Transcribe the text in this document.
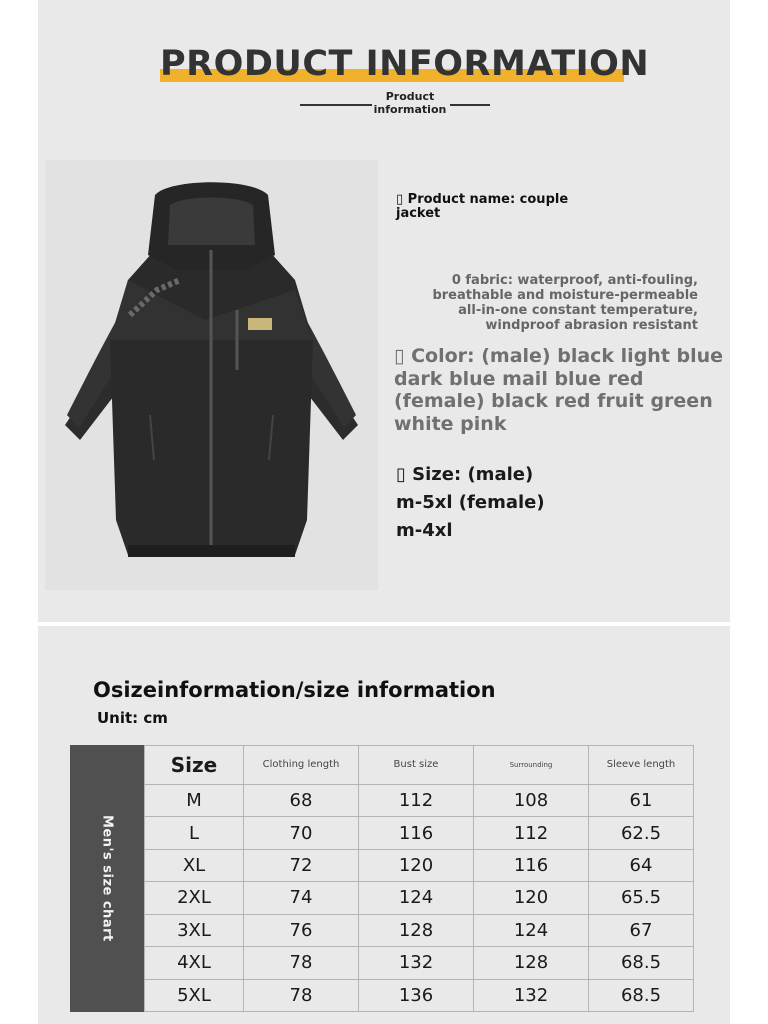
PRODUCT INFORMATION
Product
information
▯ Product name: couple jacket
0 fabric: waterproof, anti-fouling, breathable and moisture-permeable all-in-one constant temperature, windproof abrasion resistant
▯ Color: (male) black light blue dark blue mail blue red (female) black red fruit green white pink
▯ Size: (male)
m-5xl (female)
m-4xl
Osizeinformation/size information
Unit: cm
Men's size chart
Size	Clothing length	Bust size	Surrounding	Sleeve length
M	68	112	108	61
L	70	116	112	62.5
XL	72	120	116	64
2XL	74	124	120	65.5
3XL	76	128	124	67
4XL	78	132	128	68.5
5XL	78	136	132	68.5
